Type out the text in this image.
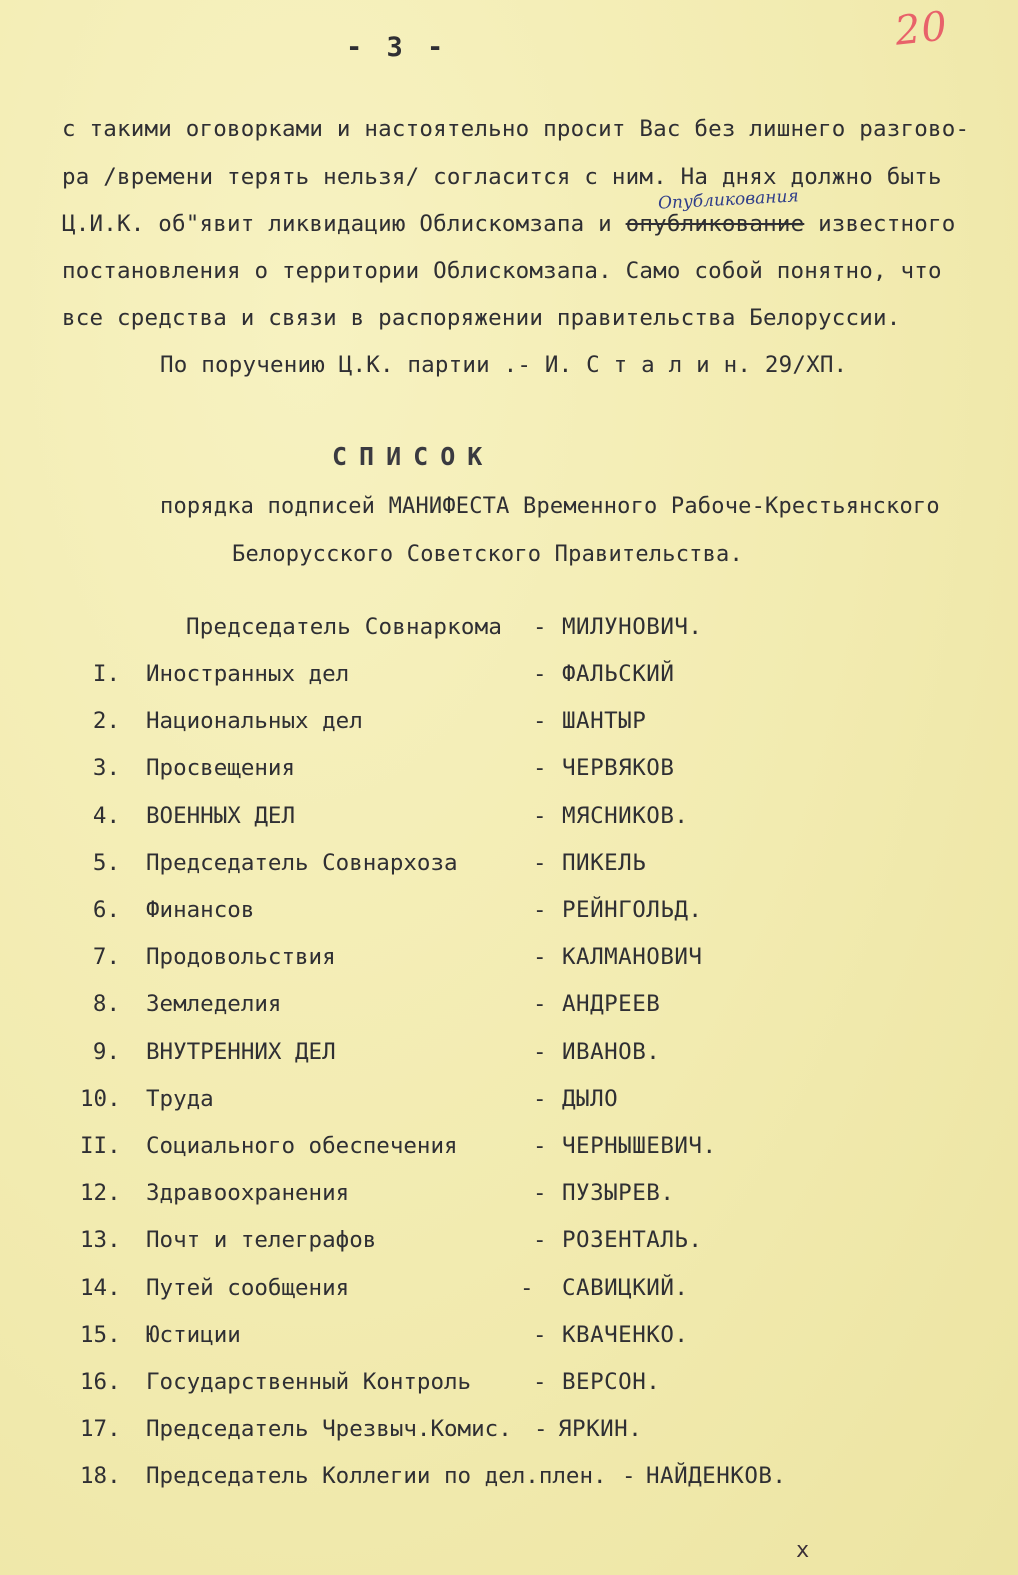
20
- 3 -
с такими оговорками и настоятельно просит Вас без лишнего разгово-
ра /времени терять нельзя/ согласится с ним. На днях должно быть
Ц.И.К. об"явит ликвидацию Облискомзапа и опубликование известного
Опубликования
постановления о территории Облискомзапа. Само собой понятно, что
все средства и связи в распоряжении правительства Белоруссии.
По поручению Ц.К. партии .- И. С т а л и н. 29/XП.
СПИСОК
порядка подписей МАНИФЕСТА Временного Рабоче-Крестьянского
Белорусского Советского Правительства.
Председатель Совнаркома - МИЛУНОВИЧ.
I. Иностранных дел	- ФАЛЬСКИЙ
2. Национальных дел	- ШАНТЫР
3. Просвещения	- ЧЕРВЯКОВ
4. ВОЕННЫХ ДЕЛ	- МЯСНИКОВ.
5. Председатель Совнархоза	- ПИКЕЛЬ
6. Финансов	- РЕЙНГОЛЬД.
7. Продовольствия	- КАЛМАНОВИЧ
8. Земледелия	- АНДРЕЕВ
9. ВНУТРЕННИХ ДЕЛ	- ИВАНОВ.
10. Труда	- ДЫЛО
II. Социального обеспечения	- ЧЕРНЫШЕВИЧ.
12. Здравоохранения	- ПУЗЫРЕВ.
13. Почт и телеграфов	- РОЗЕНТАЛЬ.
14. Путей сообщения	- САВИЦКИЙ.
15. Юстиции	- КВАЧЕНКО.
16. Государственный Контроль	- ВЕРСОН.
17. Председатель Чрезвыч.Комис. - ЯРКИН.
18. Председатель Коллегии по дел.плен. - НАЙДЕНКОВ.
x
